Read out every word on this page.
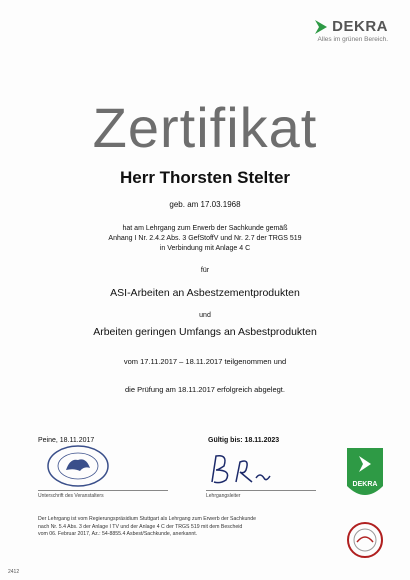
DEKRA
Alles im grünen Bereich.
Zertifikat
Herr Thorsten Stelter
geb. am 17.03.1968
hat am Lehrgang zum Erwerb der Sachkunde gemäß
Anhang I Nr. 2.4.2 Abs. 3 GefStoffV und Nr. 2.7 der TRGS 519
in Verbindung mit Anlage 4 C
für
ASI-Arbeiten an Asbestzementprodukten
und
Arbeiten geringen Umfangs an Asbestprodukten
vom 17.11.2017 – 18.11.2017 teilgenommen und
die Prüfung am 18.11.2017 erfolgreich abgelegt.
Peine, 18.11.2017	Gültig bis: 18.11.2023
Unterschrift des Veranstalters	Lehrgangsleiter
DEKRA
Der Lehrgang ist vom Regierungspräsidium Stuttgart als Lehrgang zum Erwerb der Sachkunde
nach Nr. 5.4 Abs. 3 der Anlage I TV und der Anlage 4 C der TRGS 519 mit dem Bescheid
vom 06. Februar 2017, Az.: 54-8855.4 Asbest/Sachkunde, anerkannt.
2412
